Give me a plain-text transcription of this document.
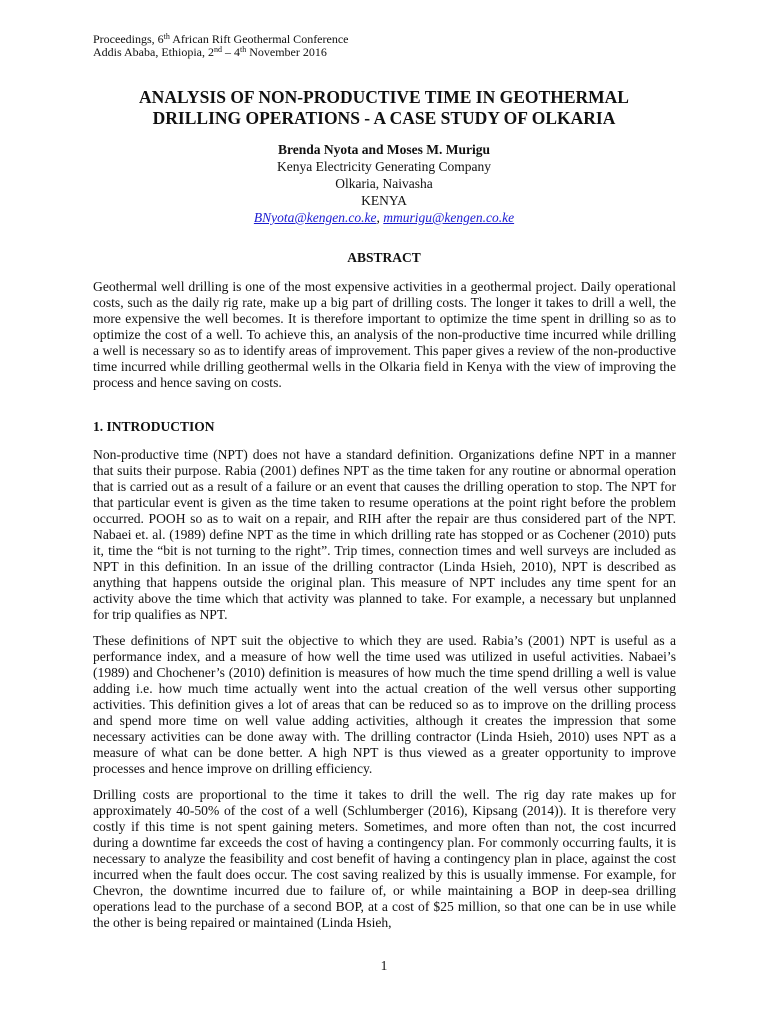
Proceedings, 6th African Rift Geothermal Conference
Addis Ababa, Ethiopia, 2nd – 4th November 2016
ANALYSIS OF NON-PRODUCTIVE TIME IN GEOTHERMAL
DRILLING OPERATIONS - A CASE STUDY OF OLKARIA
Brenda Nyota and Moses M. Murigu
Kenya Electricity Generating Company
Olkaria, Naivasha
KENYA
BNyota@kengen.co.ke, mmurigu@kengen.co.ke
ABSTRACT

Geothermal well drilling is one of the most expensive activities in a geothermal project. Daily operational costs, such as the daily rig rate, make up a big part of drilling costs. The longer it takes to drill a well, the more expensive the well becomes. It is therefore important to optimize the time spent in drilling so as to optimize the cost of a well. To achieve this, an analysis of the non-productive time incurred while drilling a well is necessary so as to identify areas of improvement. This paper gives a review of the non-productive time incurred while drilling geothermal wells in the Olkaria field in Kenya with the view of improving the process and hence saving on costs.

1. INTRODUCTION

Non-productive time (NPT) does not have a standard definition. Organizations define NPT in a manner that suits their purpose. Rabia (2001) defines NPT as the time taken for any routine or abnormal operation that is carried out as a result of a failure or an event that causes the drilling operation to stop. The NPT for that particular event is given as the time taken to resume operations at the point right before the problem occurred. POOH so as to wait on a repair, and RIH after the repair are thus considered part of the NPT. Nabaei et. al. (1989) define NPT as the time in which drilling rate has stopped or as Cochener (2010) puts it, time the “bit is not turning to the right”. Trip times, connection times and well surveys are included as NPT in this definition. In an issue of the drilling contractor (Linda Hsieh, 2010), NPT is described as anything that happens outside the original plan. This measure of NPT includes any time spent for an activity above the time which that activity was planned to take. For example, a necessary but unplanned for trip qualifies as NPT.

These definitions of NPT suit the objective to which they are used. Rabia’s (2001) NPT is useful as a performance index, and a measure of how well the time used was utilized in useful activities. Nabaei’s (1989) and Chochener’s (2010) definition is measures of how much the time spend drilling a well is value adding i.e. how much time actually went into the actual creation of the well versus other supporting activities. This definition gives a lot of areas that can be reduced so as to improve on the drilling process and spend more time on well value adding activities, although it creates the impression that some necessary activities can be done away with. The drilling contractor (Linda Hsieh, 2010) uses NPT as a measure of what can be done better. A high NPT is thus viewed as a greater opportunity to improve processes and hence improve on drilling efficiency.

Drilling costs are proportional to the time it takes to drill the well. The rig day rate makes up for approximately 40-50% of the cost of a well (Schlumberger (2016), Kipsang (2014)). It is therefore very costly if this time is not spent gaining meters. Sometimes, and more often than not, the cost incurred during a downtime far exceeds the cost of having a contingency plan. For commonly occurring faults, it is necessary to analyze the feasibility and cost benefit of having a contingency plan in place, against the cost incurred when the fault does occur. The cost saving realized by this is usually immense. For example, for Chevron, the downtime incurred due to failure of, or while maintaining a BOP in deep-sea drilling operations lead to the purchase of a second BOP, at a cost of $25 million, so that one can be in use while the other is being repaired or maintained (Linda Hsieh,

1
